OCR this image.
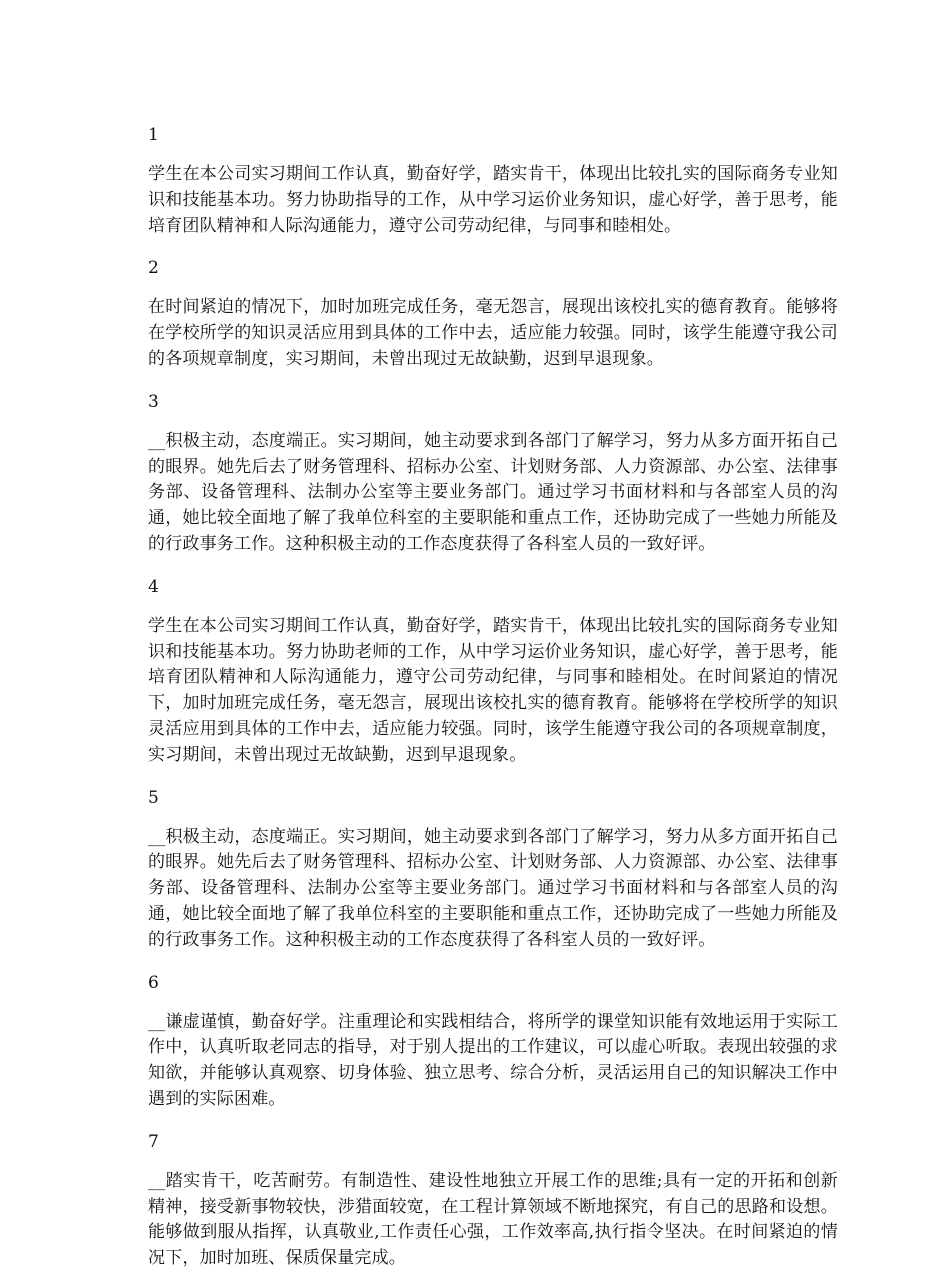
1

学生在本公司实习期间工作认真，勤奋好学，踏实肯干，体现出比较扎实的国际商务专业知识和技能基本功。努力协助指导的工作，从中学习运价业务知识，虚心好学，善于思考，能培育团队精神和人际沟通能力，遵守公司劳动纪律，与同事和睦相处。

2

在时间紧迫的情况下，加时加班完成任务，毫无怨言，展现出该校扎实的德育教育。能够将在学校所学的知识灵活应用到具体的工作中去，适应能力较强。同时，该学生能遵守我公司的各项规章制度，实习期间，未曾出现过无故缺勤，迟到早退现象。

3

__积极主动，态度端正。实习期间，她主动要求到各部门了解学习，努力从多方面开拓自己的眼界。她先后去了财务管理科、招标办公室、计划财务部、人力资源部、办公室、法律事务部、设备管理科、法制办公室等主要业务部门。通过学习书面材料和与各部室人员的沟通，她比较全面地了解了我单位科室的主要职能和重点工作，还协助完成了一些她力所能及的行政事务工作。这种积极主动的工作态度获得了各科室人员的一致好评。

4

学生在本公司实习期间工作认真，勤奋好学，踏实肯干，体现出比较扎实的国际商务专业知识和技能基本功。努力协助老师的工作，从中学习运价业务知识，虚心好学，善于思考，能培育团队精神和人际沟通能力，遵守公司劳动纪律，与同事和睦相处。在时间紧迫的情况下，加时加班完成任务，毫无怨言，展现出该校扎实的德育教育。能够将在学校所学的知识灵活应用到具体的工作中去，适应能力较强。同时，该学生能遵守我公司的各项规章制度，实习期间，未曾出现过无故缺勤，迟到早退现象。

5

__积极主动，态度端正。实习期间，她主动要求到各部门了解学习，努力从多方面开拓自己的眼界。她先后去了财务管理科、招标办公室、计划财务部、人力资源部、办公室、法律事务部、设备管理科、法制办公室等主要业务部门。通过学习书面材料和与各部室人员的沟通，她比较全面地了解了我单位科室的主要职能和重点工作，还协助完成了一些她力所能及的行政事务工作。这种积极主动的工作态度获得了各科室人员的一致好评。

6

__谦虚谨慎，勤奋好学。注重理论和实践相结合，将所学的课堂知识能有效地运用于实际工作中，认真听取老同志的指导，对于别人提出的工作建议，可以虚心听取。表现出较强的求知欲，并能够认真观察、切身体验、独立思考、综合分析，灵活运用自己的知识解决工作中遇到的实际困难。

7

__踏实肯干，吃苦耐劳。有制造性、建设性地独立开展工作的思维;具有一定的开拓和创新精神，接受新事物较快，涉猎面较宽，在工程计算领域不断地探究，有自己的思路和设想。能够做到服从指挥，认真敬业,工作责任心强，工作效率高,执行指令坚决。在时间紧迫的情况下，加时加班、保质保量完成。
